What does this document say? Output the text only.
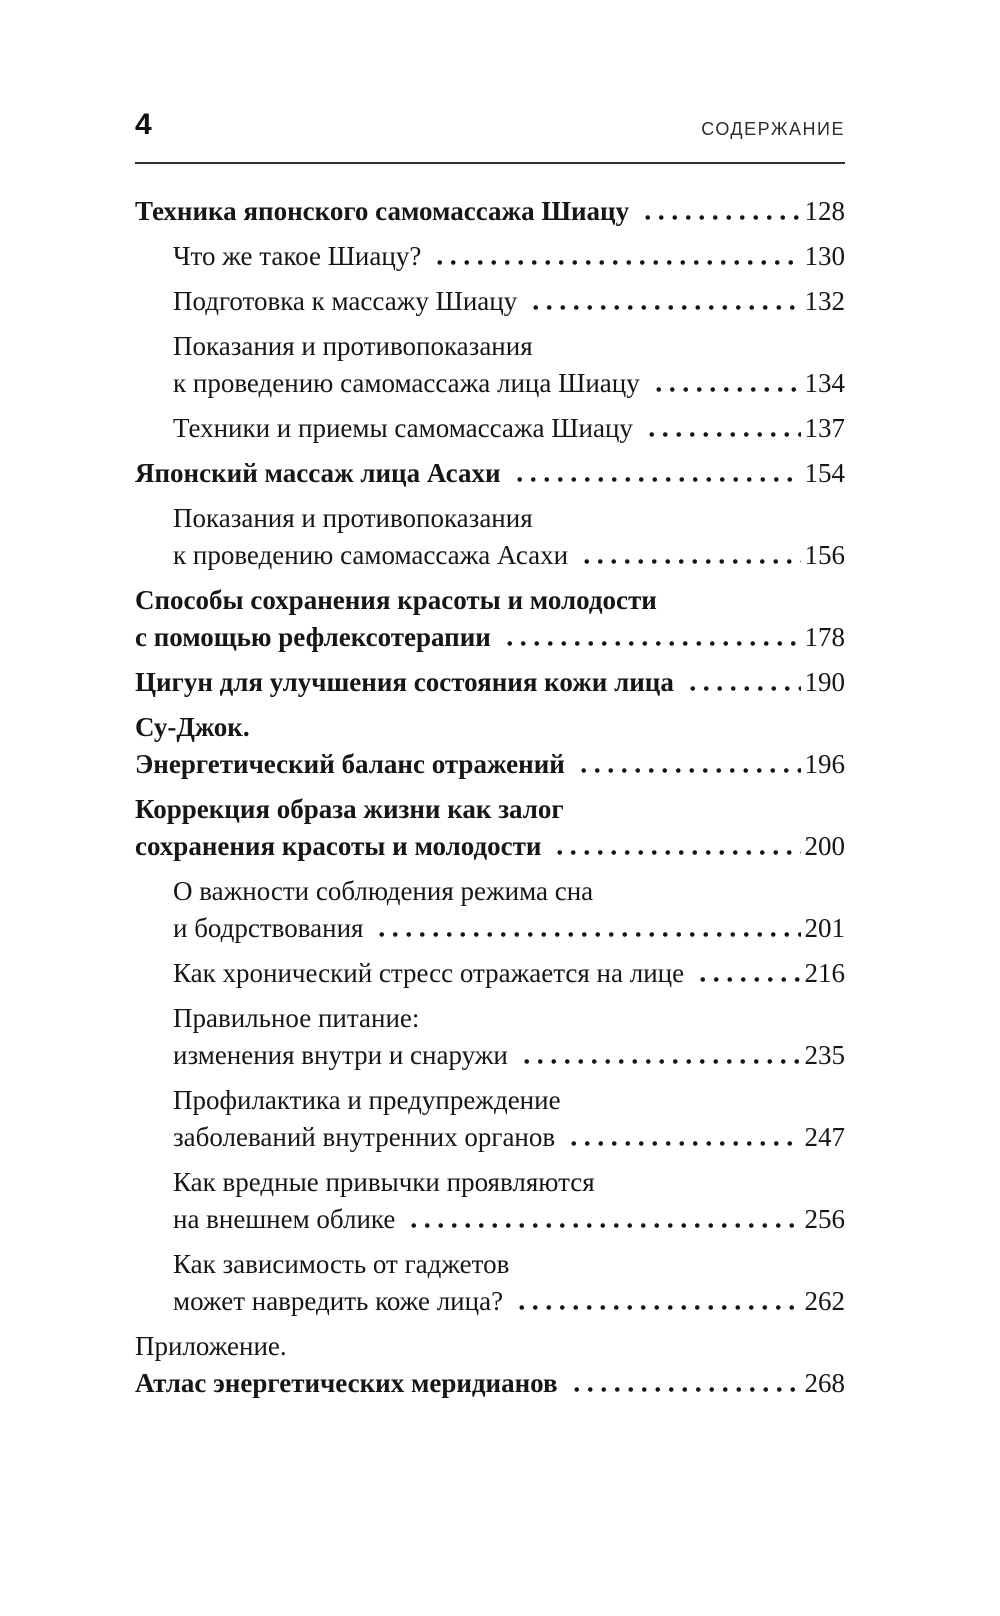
4	СОДЕРЖАНИЕ
Техника японского самомассажа Шиацу	128
Что же такое Шиацу?	130
Подготовка к массажу Шиацу	132
Показания и противопоказания
к проведению самомассажа лица Шиацу	134
Техники и приемы самомассажа Шиацу	137
Японский массаж лица Асахи	154
Показания и противопоказания
к проведению самомассажа Асахи	156
Способы сохранения красоты и молодости
с помощью рефлексотерапии	178
Цигун для улучшения состояния кожи лица	190
Су-Джок.
Энергетический баланс отражений	196
Коррекция образа жизни как залог
сохранения красоты и молодости	200
О важности соблюдения режима сна
и бодрствования	201
Как хронический стресс отражается на лице	216
Правильное питание:
изменения внутри и снаружи	235
Профилактика и предупреждение
заболеваний внутренних органов	247
Как вредные привычки проявляются
на внешнем облике	256
Как зависимость от гаджетов
может навредить коже лица?	262
Приложение.
Атлас энергетических меридианов	268
